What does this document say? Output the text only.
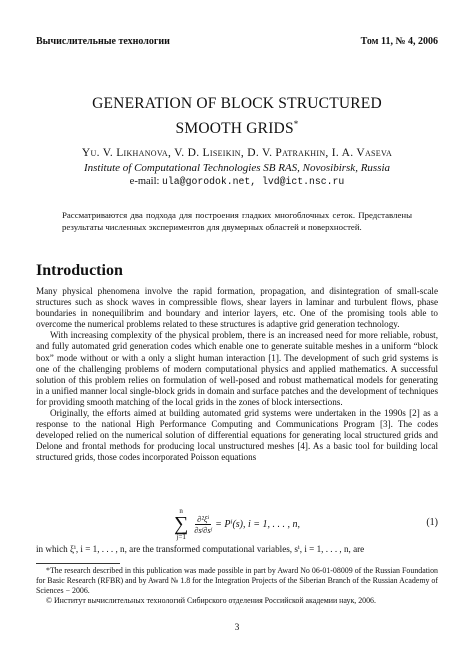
Вычислительные технологии	Том 11, № 4, 2006
GENERATION OF BLOCK STRUCTURED
SMOOTH GRIDS*
Yu. V. Likhanova, V. D. Liseikin, D. V. Patrakhin, I. A. Vaseva
Institute of Computational Technologies SB RAS, Novosibirsk, Russia
e-mail: ula@gorodok.net, lvd@ict.nsc.ru
Рассматриваются два подхода для построения гладких многоблочных сеток. Представлены результаты численных экспериментов для двумерных областей и поверхностей.
Introduction

Many physical phenomena involve the rapid formation, propagation, and disintegration of small-scale structures such as shock waves in compressible flows, shear layers in laminar and turbulent flows, phase boundaries in nonequilibrim and boundary and interior layers, etc. One of the promising tools able to overcome the numerical problems related to these structures is adaptive grid generation technology.

With increasing complexity of the physical problem, there is an increased need for more reliable, robust, and fully automated grid generation codes which enable one to generate suitable meshes in a uniform “block box” mode without or with a only a slight human interaction [1]. The development of such grid systems is one of the challenging problems of modern computational physics and applied mathematics. A successful solution of this problem relies on formulation of well-posed and robust mathematical models for generating in a unified manner local single-block grids in domain and surface patches and the development of techniques for providing smooth matching of the local grids in the zones of block intersections.

Originally, the efforts aimed at building automated grid systems were undertaken in the 1990s [2] as a response to the national High Performance Computing and Communications Program [3]. The codes developed relied on the numerical solution of differential equations for generating local structured grids and Delone and frontal methods for producing local unstructured meshes [4]. As a basic tool for building local structured grids, those codes incorporated Poisson equations

n
∑
j=1
$\frac{\text{∂²ξⁱ}}{\text{∂sʲ∂sʲ}} = P^i(s)$, i = 1, . . . , n,	(1)
in which ξⁱ, i = 1, . . . , n, are the transformed computational variables, sⁱ, i = 1, . . . , n, are

*The research described in this publication was made possible in part by Award No 06-01-08009 of the Russian Foundation for Basic Research (RFBR) and by Award № 1.8 for the Integration Projects of the Siberian Branch of the Russian Academy of Sciences − 2006.

© Институт вычислительных технологий Сибирского отделения Российской академии наук, 2006.

3
